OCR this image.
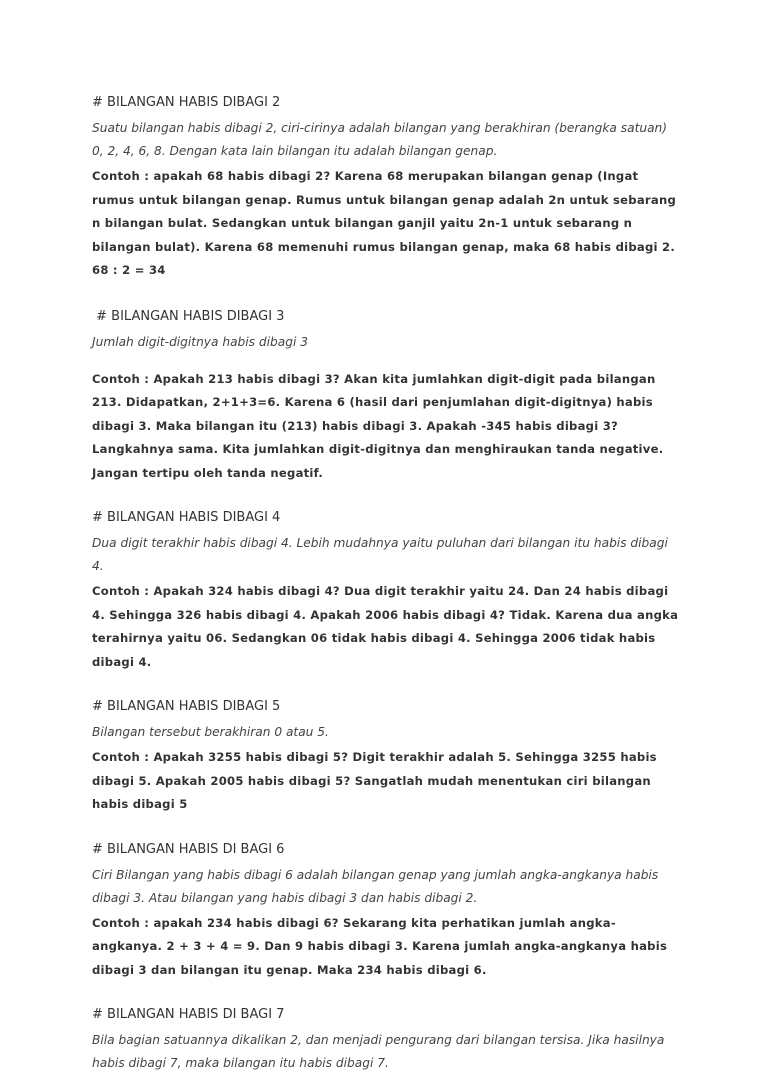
# BILANGAN HABIS DIBAGI 2
Suatu bilangan habis dibagi 2, ciri-cirinya adalah bilangan yang berakhiran (berangka satuan) 0, 2, 4, 6, 8. Dengan kata lain bilangan itu adalah bilangan genap.
Contoh : apakah 68 habis dibagi 2? Karena 68 merupakan bilangan genap (Ingat rumus untuk bilangan genap. Rumus untuk bilangan genap adalah 2n untuk sebarang n bilangan bulat. Sedangkan untuk bilangan ganjil yaitu 2n-1 untuk sebarang n bilangan bulat). Karena 68 memenuhi rumus bilangan genap, maka 68 habis dibagi 2. 68 : 2 = 34
# BILANGAN HABIS DIBAGI 3
Jumlah digit-digitnya habis dibagi 3
Contoh : Apakah 213 habis dibagi 3? Akan kita jumlahkan digit-digit pada bilangan 213. Didapatkan, 2+1+3=6. Karena 6 (hasil dari penjumlahan digit-digitnya) habis dibagi 3. Maka bilangan itu (213) habis dibagi 3. Apakah -345 habis dibagi 3? Langkahnya sama. Kita jumlahkan digit-digitnya dan menghiraukan tanda negative. Jangan tertipu oleh tanda negatif.
# BILANGAN HABIS DIBAGI 4
Dua digit terakhir habis dibagi 4. Lebih mudahnya yaitu puluhan dari bilangan itu habis dibagi 4.
Contoh : Apakah 324 habis dibagi 4? Dua digit terakhir yaitu 24. Dan 24 habis dibagi 4. Sehingga 326 habis dibagi 4. Apakah 2006 habis dibagi 4? Tidak. Karena dua angka terahirnya yaitu 06. Sedangkan 06 tidak habis dibagi 4. Sehingga 2006 tidak habis dibagi 4.
# BILANGAN HABIS DIBAGI 5
Bilangan tersebut berakhiran 0 atau 5.
Contoh : Apakah 3255 habis dibagi 5? Digit terakhir adalah 5. Sehingga 3255 habis dibagi 5. Apakah 2005 habis dibagi 5? Sangatlah mudah menentukan ciri bilangan habis dibagi 5
# BILANGAN HABIS DI BAGI 6
Ciri Bilangan yang habis dibagi 6 adalah bilangan genap yang jumlah angka-angkanya habis dibagi 3. Atau bilangan yang habis dibagi 3 dan habis dibagi 2.
Contoh : apakah 234 habis dibagi 6? Sekarang kita perhatikan jumlah angka-angkanya. 2 + 3 + 4 = 9. Dan 9 habis dibagi 3. Karena jumlah angka-angkanya habis dibagi 3 dan bilangan itu genap. Maka 234 habis dibagi 6.
# BILANGAN HABIS DI BAGI 7
Bila bagian satuannya dikalikan 2, dan menjadi pengurang dari bilangan tersisa. Jika hasilnya habis dibagi 7, maka bilangan itu habis dibagi 7.
